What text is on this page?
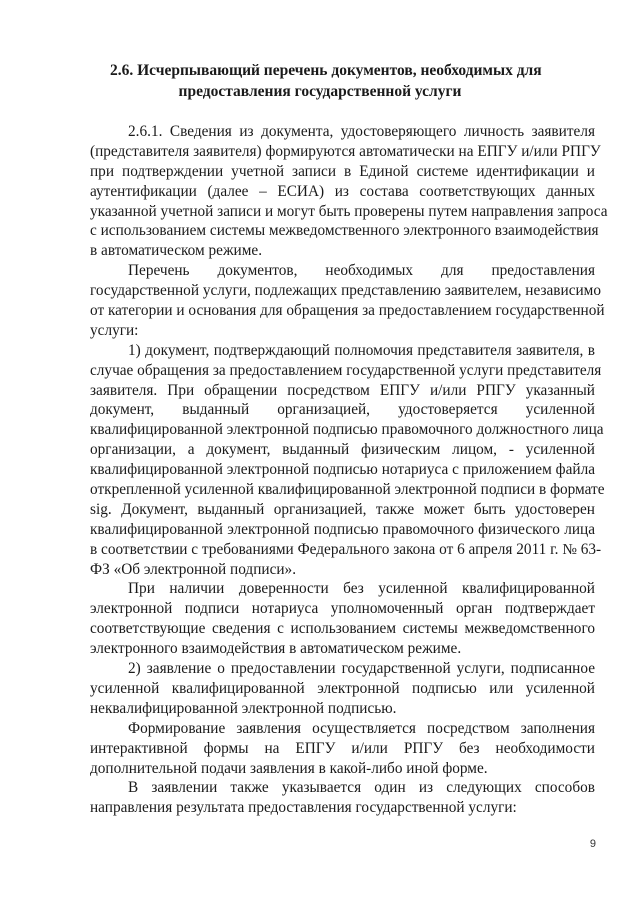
2.6. Исчерпывающий перечень документов, необходимых для
предоставления государственной услуги

2.6.1. Сведения из документа, удостоверяющего личность заявителя
(представителя заявителя) формируются автоматически на ЕПГУ и/или РПГУ
при подтверждении учетной записи в Единой системе идентификации и
аутентификации (далее – ЕСИА) из состава соответствующих данных
указанной учетной записи и могут быть проверены путем направления запроса
с использованием системы межведомственного электронного взаимодействия
в автоматическом режиме.

Перечень документов, необходимых для предоставления
государственной услуги, подлежащих представлению заявителем, независимо
от категории и основания для обращения за предоставлением государственной
услуги:

1) документ, подтверждающий полномочия представителя заявителя, в
случае обращения за предоставлением государственной услуги представителя
заявителя. При обращении посредством ЕПГУ и/или РПГУ указанный
документ, выданный организацией, удостоверяется усиленной
квалифицированной электронной подписью правомочного должностного лица
организации, а документ, выданный физическим лицом, - усиленной
квалифицированной электронной подписью нотариуса с приложением файла
открепленной усиленной квалифицированной электронной подписи в формате
sig. Документ, выданный организацией, также может быть удостоверен
квалифицированной электронной подписью правомочного физического лица
в соответствии с требованиями Федерального закона от 6 апреля 2011 г. № 63-
ФЗ «Об электронной подписи».

При наличии доверенности без усиленной квалифицированной
электронной подписи нотариуса уполномоченный орган подтверждает
соответствующие сведения с использованием системы межведомственного
электронного взаимодействия в автоматическом режиме.

2) заявление о предоставлении государственной услуги, подписанное
усиленной квалифицированной электронной подписью или усиленной
неквалифицированной электронной подписью.

Формирование заявления осуществляется посредством заполнения
интерактивной формы на ЕПГУ и/или РПГУ без необходимости
дополнительной подачи заявления в какой-либо иной форме.

В заявлении также указывается один из следующих способов
направления результата предоставления государственной услуги:

9
